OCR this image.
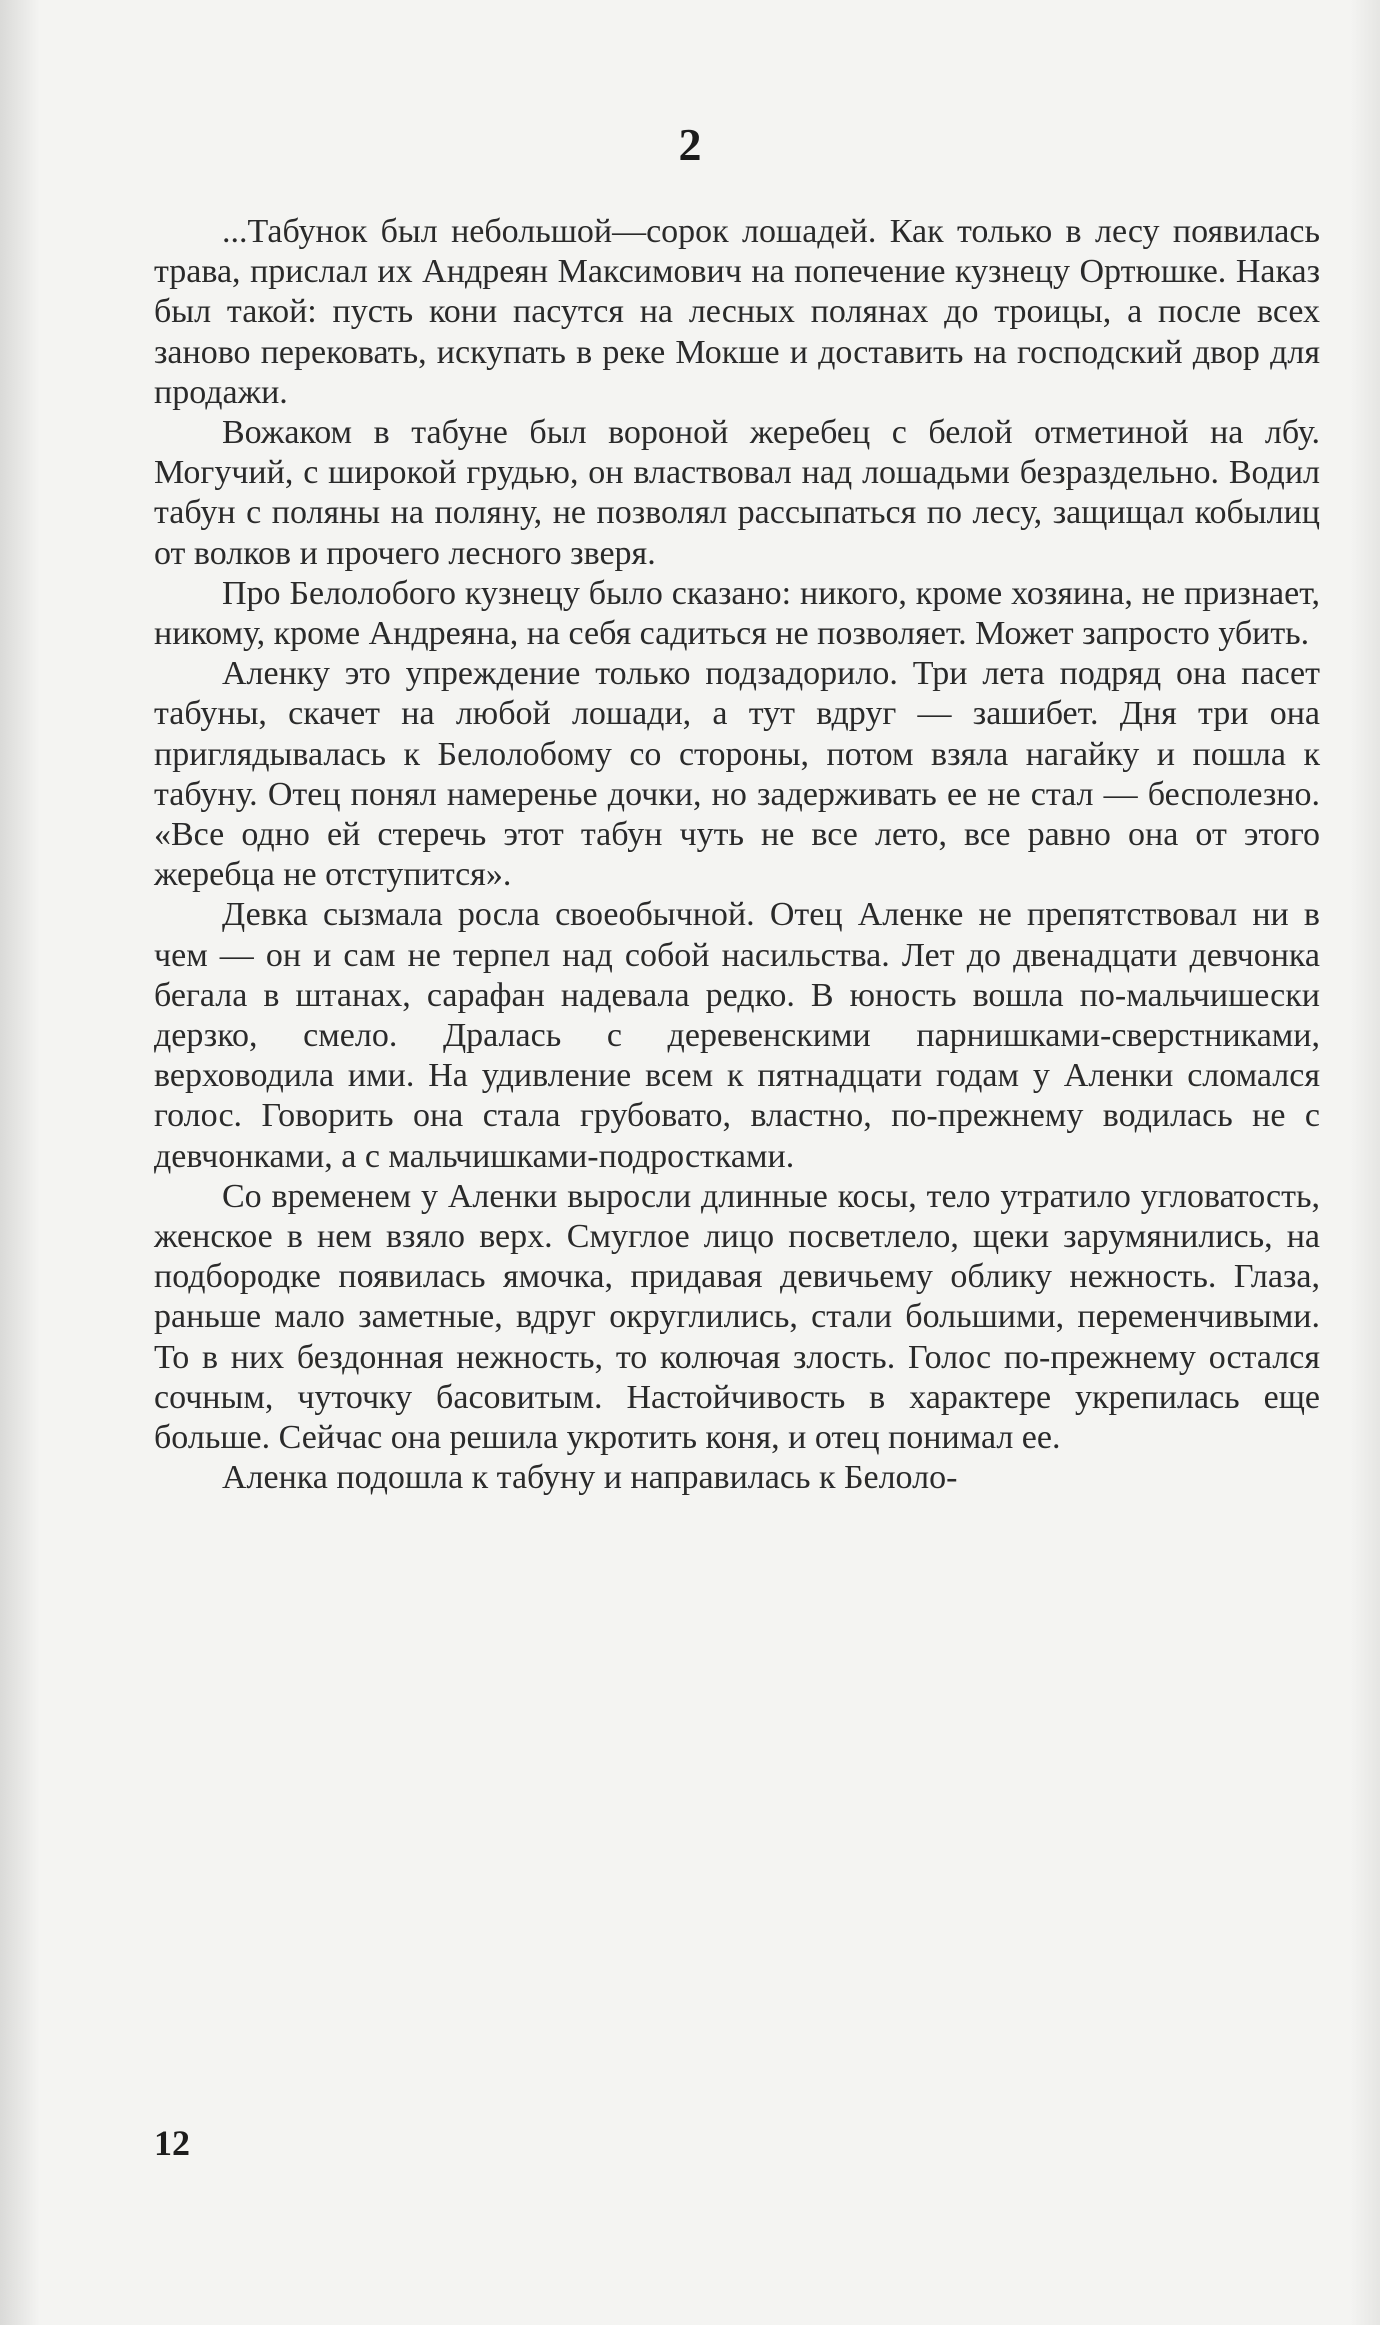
2

...Табунок был небольшой—сорок лошадей. Как только в лесу появилась трава, прислал их Андреян Максимович на попечение кузнецу Ортюшке. Наказ был такой: пусть кони пасутся на лесных полянах до троицы, а после всех заново перековать, искупать в реке Мокше и доставить на господский двор для продажи.

Вожаком в табуне был вороной жеребец с белой отметиной на лбу. Могучий, с широкой грудью, он властвовал над лошадьми безраздельно. Водил табун с поляны на поляну, не позволял рассыпаться по лесу, защищал кобылиц от волков и прочего лесного зверя.

Про Белолобого кузнецу было сказано: никого, кроме хозяина, не признает, никому, кроме Андреяна, на себя садиться не позволяет. Может запросто убить.

Аленку это упреждение только подзадорило. Три лета подряд она пасет табуны, скачет на любой лошади, а тут вдруг — зашибет. Дня три она приглядывалась к Белолобому со стороны, потом взяла нагайку и пошла к табуну. Отец понял намеренье дочки, но задерживать ее не стал — бесполезно. «Все одно ей стеречь этот табун чуть не все лето, все равно она от этого жеребца не отступится».

Девка сызмала росла своеобычной. Отец Аленке не препятствовал ни в чем — он и сам не терпел над собой насильства. Лет до двенадцати девчонка бегала в штанах, сарафан надевала редко. В юность вошла по-мальчишески дерзко, смело. Дралась с деревенскими парнишками-сверстниками, верховодила ими. На удивление всем к пятнадцати годам у Аленки сломался голос. Говорить она стала грубовато, властно, по-прежнему водилась не с девчонками, а с мальчишками-подростками.

Со временем у Аленки выросли длинные косы, тело утратило угловатость, женское в нем взяло верх. Смуглое лицо посветлело, щеки зарумянились, на подбородке появилась ямочка, придавая девичьему облику нежность. Глаза, раньше мало заметные, вдруг округлились, стали большими, переменчивыми. То в них бездонная нежность, то колючая злость. Голос по-прежнему остался сочным, чуточку басовитым. Настойчивость в характере укрепилась еще больше. Сейчас она решила укротить коня, и отец понимал ее.

Аленка подошла к табуну и направилась к Белоло-

12
